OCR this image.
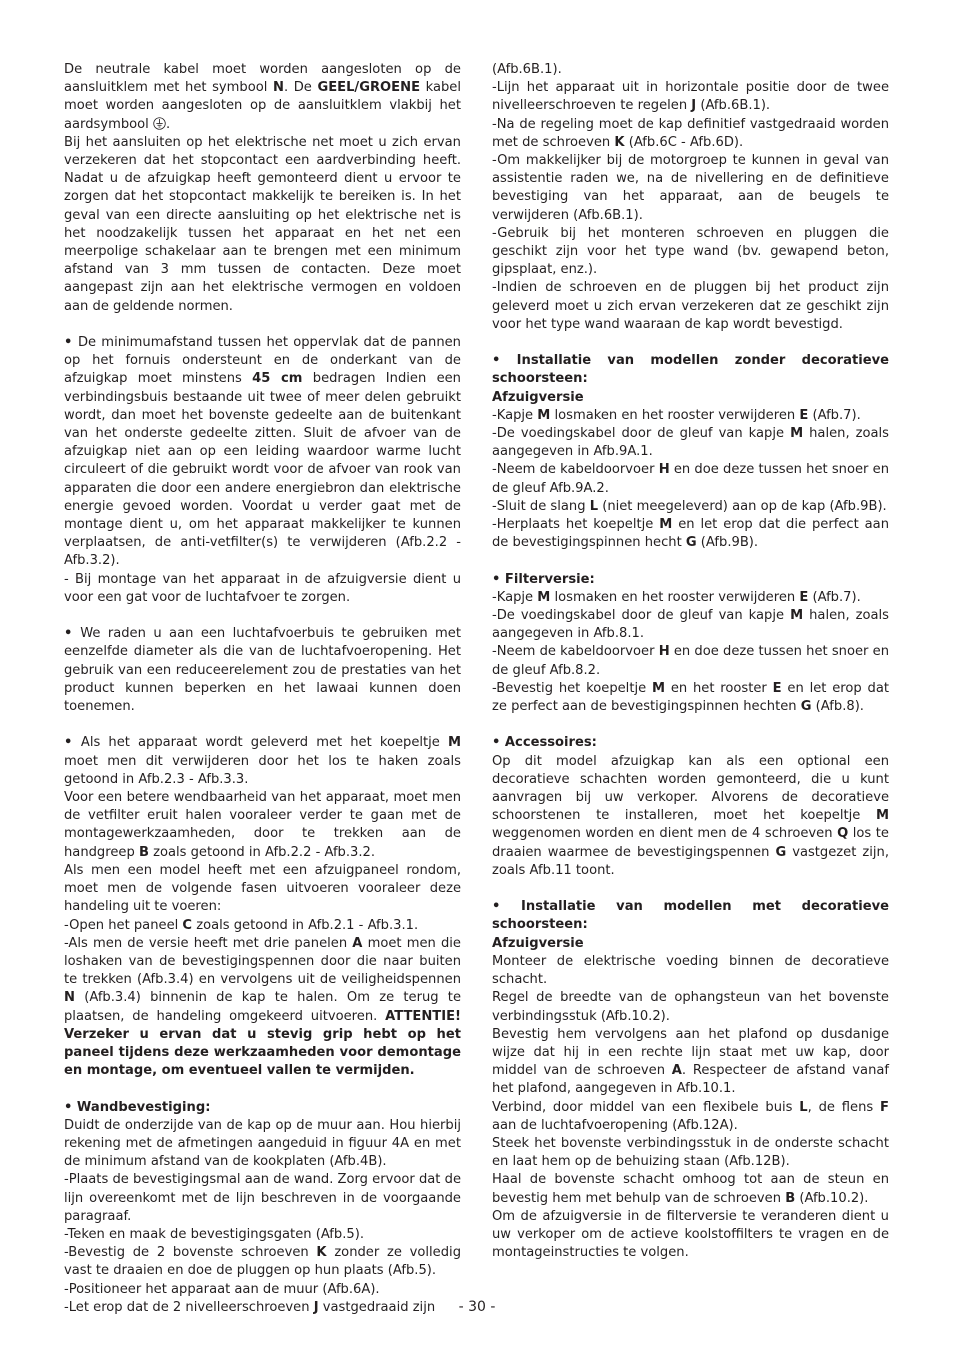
De neutrale kabel moet worden aangesloten op de aansluitklem met het symbool N. De GEEL/GROENE kabel moet worden aangesloten op de aansluitklem vlakbij het aardsymbool .

Bij het aansluiten op het elektrische net moet u zich ervan verzekeren dat het stopcontact een aardverbinding heeft. Nadat u de afzuigkap heeft gemonteerd dient u ervoor te zorgen dat het stopcontact makkelijk te bereiken is. In het geval van een directe aansluiting op het elektrische net is het noodzakelijk tussen het apparaat en het net een meerpolige schakelaar aan te brengen met een minimum afstand van 3 mm tussen de contacten. Deze moet aangepast zijn aan het elektrische vermogen en voldoen aan de geldende normen.

• De minimumafstand tussen het oppervlak dat de pannen op het fornuis ondersteunt en de onderkant van de afzuigkap moet minstens 45 cm bedragen Indien een verbindingsbuis bestaande uit twee of meer delen gebruikt wordt, dan moet het bovenste gedeelte aan de buitenkant van het onderste gedeelte zitten. Sluit de afvoer van de afzuigkap niet aan op een leiding waardoor warme lucht circuleert of die gebruikt wordt voor de afvoer van rook van apparaten die door een andere energiebron dan elektrische energie gevoed worden. Voordat u verder gaat met de montage dient u, om het apparaat makkelijker te kunnen verplaatsen, de anti-vetfilter(s) te verwijderen (Afb.2.2 - Afb.3.2).

- Bij montage van het apparaat in de afzuigversie dient u voor een gat voor de luchtafvoer te zorgen.

• We raden u aan een luchtafvoerbuis te gebruiken met eenzelfde diameter als die van de luchtafvoeropening. Het gebruik van een reduceerelement zou de prestaties van het product kunnen beperken en het lawaai kunnen doen toenemen.

• Als het apparaat wordt geleverd met het koepeltje M moet men dit verwijderen door het los te haken zoals getoond in Afb.2.3 - Afb.3.3.

Voor een betere wendbaarheid van het apparaat, moet men de vetfilter eruit halen vooraleer verder te gaan met de montagewerkzaamheden, door te trekken aan de handgreep B zoals getoond in Afb.2.2 - Afb.3.2.

Als men een model heeft met een afzuigpaneel rondom, moet men de volgende fasen uitvoeren vooraleer deze handeling uit te voeren:

-Open het paneel C zoals getoond in Afb.2.1 - Afb.3.1.

-Als men de versie heeft met drie panelen A moet men die loshaken van de bevestigingspennen door die naar buiten te trekken (Afb.3.4) en vervolgens uit de veiligheidspennen N (Afb.3.4) binnenin de kap te halen. Om ze terug te plaatsen, de handeling omgekeerd uitvoeren. ATTENTIE! Verzeker u ervan dat u stevig grip hebt op het paneel tijdens deze werkzaamheden voor demontage en montage, om eventueel vallen te vermijden.

• Wandbevestiging:

Duidt de onderzijde van de kap op de muur aan. Hou hierbij rekening met de afmetingen aangeduid in figuur 4A en met de minimum afstand van de kookplaten (Afb.4B).

-Plaats de bevestigingsmal aan de wand. Zorg ervoor dat de lijn overeenkomt met de lijn beschreven in de voorgaande paragraaf.

-Teken en maak de bevestigingsgaten (Afb.5).

-Bevestig de 2 bovenste schroeven K zonder ze volledig vast te draaien en doe de pluggen op hun plaats (Afb.5).

-Positioneer het apparaat aan de muur (Afb.6A).

-Let erop dat de 2 nivelleerschroeven J vastgedraaid zijn

(Afb.6B.1).

-Lijn het apparaat uit in horizontale positie door de twee nivelleerschroeven te regelen J (Afb.6B.1).

-Na de regeling moet de kap definitief vastgedraaid worden met de schroeven K (Afb.6C - Afb.6D).

-Om makkelijker bij de motorgroep te kunnen in geval van assistentie raden we, na de nivellering en de definitieve bevestiging van het apparaat, aan de beugels te verwijderen (Afb.6B.1).

-Gebruik bij het monteren schroeven en pluggen die geschikt zijn voor het type wand (bv. gewapend beton, gipsplaat, enz.).

-Indien de schroeven en de pluggen bij het product zijn geleverd moet u zich ervan verzekeren dat ze geschikt zijn voor het type wand waaraan de kap wordt bevestigd.

• Installatie van modellen zonder decoratieve schoorsteen:

Afzuigversie

-Kapje M losmaken en het rooster verwijderen E (Afb.7).

-De voedingskabel door de gleuf van kapje M halen, zoals aangegeven in Afb.9A.1.

-Neem de kabeldoorvoer H en doe deze tussen het snoer en de gleuf Afb.9A.2.

-Sluit de slang L (niet meegeleverd) aan op de kap (Afb.9B).

-Herplaats het koepeltje M en let erop dat die perfect aan de bevestigingspinnen hecht G (Afb.9B).

• Filterversie:

-Kapje M losmaken en het rooster verwijderen E (Afb.7).

-De voedingskabel door de gleuf van kapje M halen, zoals aangegeven in Afb.8.1.

-Neem de kabeldoorvoer H en doe deze tussen het snoer en de gleuf Afb.8.2.

-Bevestig het koepeltje M en het rooster E en let erop dat ze perfect aan de bevestigingspinnen hechten G (Afb.8).

• Accessoires:

Op dit model afzuigkap kan als een optional een decoratieve schachten worden gemonteerd, die u kunt aanvragen bij uw verkoper. Alvorens de decoratieve schoorstenen te installeren, moet het koepeltje M weggenomen worden en dient men de 4 schroeven Q los te draaien waarmee de bevestigingspennen G vastgezet zijn, zoals Afb.11 toont.

• Installatie van modellen met decoratieve schoorsteen:

Afzuigversie

Monteer de elektrische voeding binnen de decoratieve schacht.

Regel de breedte van de ophangsteun van het bovenste verbindingsstuk (Afb.10.2).

Bevestig hem vervolgens aan het plafond op dusdanige wijze dat hij in een rechte lijn staat met uw kap, door middel van de schroeven A. Respecteer de afstand vanaf het plafond, aangegeven in Afb.10.1.

Verbind, door middel van een flexibele buis L, de flens F aan de luchtafvoeropening (Afb.12A).

Steek het bovenste verbindingsstuk in de onderste schacht en laat hem op de behuizing staan (Afb.12B).

Haal de bovenste schacht omhoog tot aan de steun en bevestig hem met behulp van de schroeven B (Afb.10.2).

Om de afzuigversie in de filterversie te veranderen dient u uw verkoper om de actieve koolstoffilters te vragen en de montageinstructies te volgen.

- 30 -
